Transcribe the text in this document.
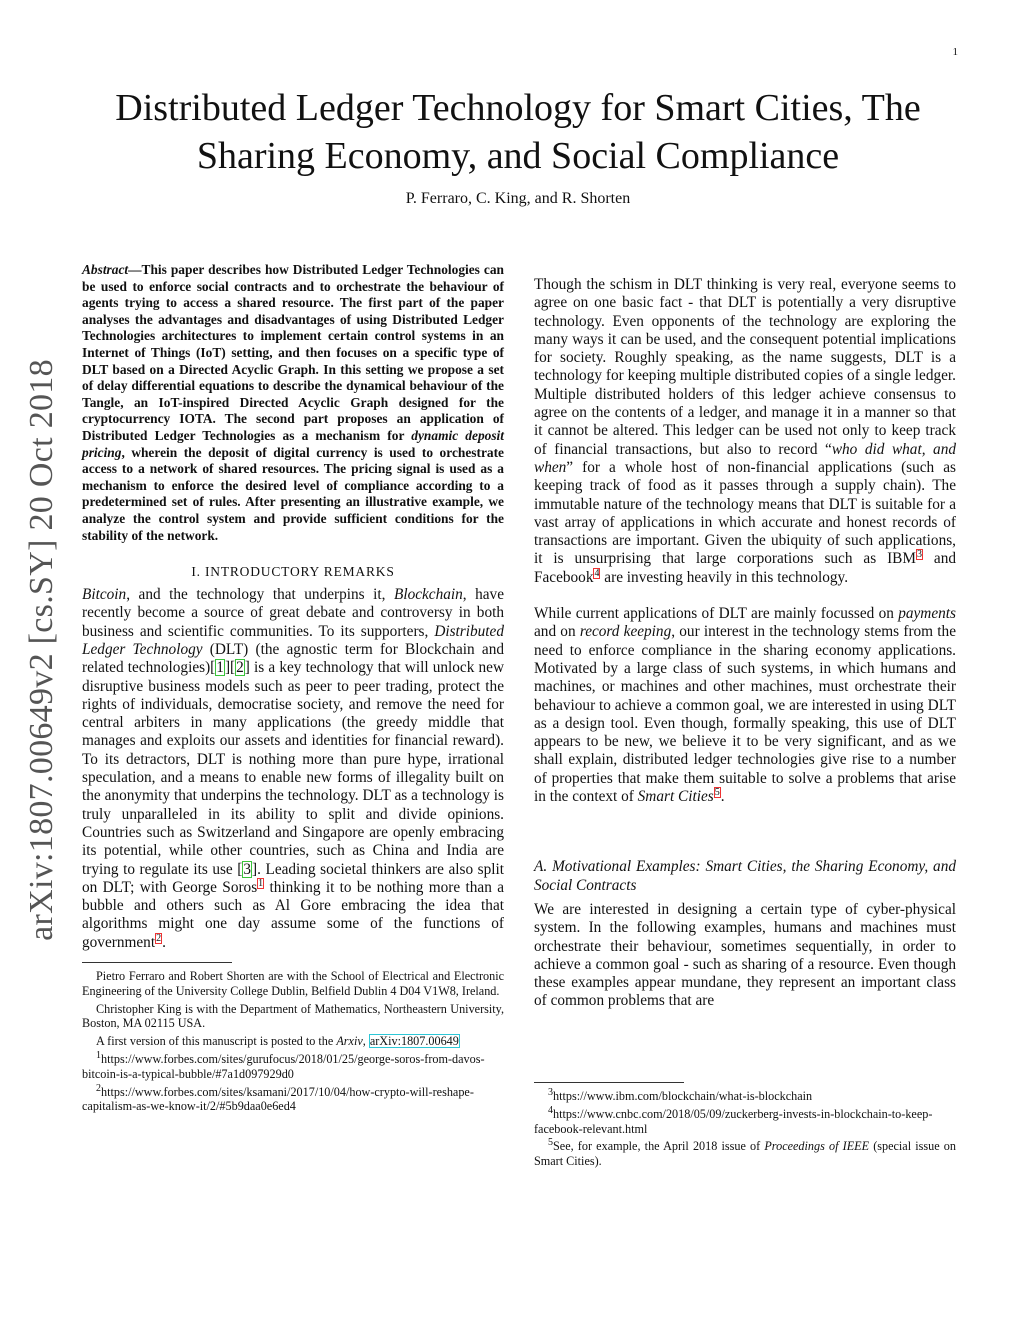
1
Distributed Ledger Technology for Smart Cities, The
Sharing Economy, and Social Compliance
P. Ferraro, C. King, and R. Shorten
arXiv:1807.00649v2 [cs.SY] 20 Oct 2018

Abstract—This paper describes how Distributed Ledger Technologies can be used to enforce social contracts and to orchestrate the behaviour of agents trying to access a shared resource. The first part of the paper analyses the advantages and disadvantages of using Distributed Ledger Technologies architectures to implement certain control systems in an Internet of Things (IoT) setting, and then focuses on a specific type of DLT based on a Directed Acyclic Graph. In this setting we propose a set of delay differential equations to describe the dynamical behaviour of the Tangle, an IoT-inspired Directed Acyclic Graph designed for the cryptocurrency IOTA. The second part proposes an application of Distributed Ledger Technologies as a mechanism for dynamic deposit pricing, wherein the deposit of digital currency is used to orchestrate access to a network of shared resources. The pricing signal is used as a mechanism to enforce the desired level of compliance according to a predetermined set of rules. After presenting an illustrative example, we analyze the control system and provide sufficient conditions for the stability of the network.

I. INTRODUCTORY REMARKS

Bitcoin, and the technology that underpins it, Blockchain, have recently become a source of great debate and controversy in both business and scientific communities. To its supporters, Distributed Ledger Technology (DLT) (the agnostic term for Blockchain and related technologies)[1][2] is a key technology that will unlock new disruptive business models such as peer to peer trading, protect the rights of individuals, democratise society, and remove the need for central arbiters in many applications (the greedy middle that manages and exploits our assets and identities for financial reward). To its detractors, DLT is nothing more than pure hype, irrational speculation, and a means to enable new forms of illegality built on the anonymity that underpins the technology. DLT as a technology is truly unparalleled in its ability to split and divide opinions. Countries such as Switzerland and Singapore are openly embracing its potential, while other countries, such as China and India are trying to regulate its use [3]. Leading societal thinkers are also split on DLT; with George Soros$^1$ thinking it to be nothing more than a bubble and others such as Al Gore embracing the idea that algorithms might one day assume some of the functions of government$^2$.

Pietro Ferraro and Robert Shorten are with the School of Electrical and Electronic Engineering of the University College Dublin, Belfield Dublin 4 D04 V1W8, Ireland.

Christopher King is with the Department of Mathematics, Northeastern University, Boston, MA 02115 USA.

A first version of this manuscript is posted to the Arxiv, arXiv:1807.00649

$^1$https://www.forbes.com/sites/gurufocus/2018/01/25/george-soros-from-davos-bitcoin-is-a-typical-bubble/#7a1d097929d0

$^2$https://www.forbes.com/sites/ksamani/2017/10/04/how-crypto-will-reshape-capitalism-as-we-know-it/2/#5b9daa0e6ed4

Though the schism in DLT thinking is very real, everyone seems to agree on one basic fact - that DLT is potentially a very disruptive technology. Even opponents of the technology are exploring the many ways it can be used, and the consequent potential implications for society. Roughly speaking, as the name suggests, DLT is a technology for keeping multiple distributed copies of a single ledger. Multiple distributed holders of this ledger achieve consensus to agree on the contents of a ledger, and manage it in a manner so that it cannot be altered. This ledger can be used not only to keep track of financial transactions, but also to record “who did what, and when” for a whole host of non-financial applications (such as keeping track of food as it passes through a supply chain). The immutable nature of the technology means that DLT is suitable for a vast array of applications in which accurate and honest records of transactions are important. Given the ubiquity of such applications, it is unsurprising that large corporations such as IBM$^3$ and Facebook$^4$ are investing heavily in this technology.

While current applications of DLT are mainly focussed on payments and on record keeping, our interest in the technology stems from the need to enforce compliance in the sharing economy applications. Motivated by a large class of such systems, in which humans and machines, or machines and other machines, must orchestrate their behaviour to achieve a common goal, we are interested in using DLT as a design tool. Even though, formally speaking, this use of DLT appears to be new, we believe it to be very significant, and as we shall explain, distributed ledger technologies give rise to a number of properties that make them suitable to solve a problems that arise in the context of Smart Cities$^5$.

A. Motivational Examples: Smart Cities, the Sharing Economy, and Social Contracts

We are interested in designing a certain type of cyber-physical system. In the following examples, humans and machines must orchestrate their behaviour, sometimes sequentially, in order to achieve a common goal - such as sharing of a resource. Even though these examples appear mundane, they represent an important class of common problems that are

$^3$https://www.ibm.com/blockchain/what-is-blockchain

$^4$https://www.cnbc.com/2018/05/09/zuckerberg-invests-in-blockchain-to-keep-facebook-relevant.html

$^5$See, for example, the April 2018 issue of Proceedings of IEEE (special issue on Smart Cities).
